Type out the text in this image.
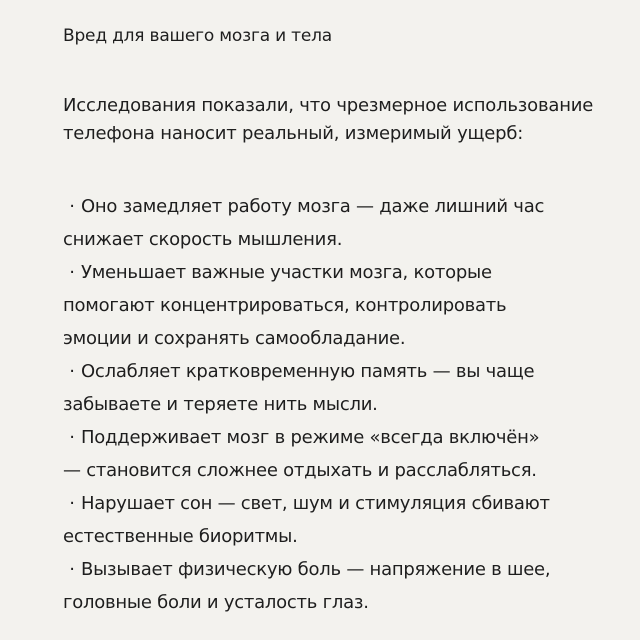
Вред для вашего мозга и тела

Исследования показали, что чрезмерное использование телефона наносит реальный, измеримый ущерб:

· Оно замедляет работу мозга — даже лишний час
снижает скорость мышления.
· Уменьшает важные участки мозга, которые
помогают концентрироваться, контролировать
эмоции и сохранять самообладание.
· Ослабляет кратковременную память — вы чаще
забываете и теряете нить мысли.
· Поддерживает мозг в режиме «всегда включён»
— становится сложнее отдыхать и расслабляться.
· Нарушает сон — свет, шум и стимуляция сбивают
естественные биоритмы.
· Вызывает физическую боль — напряжение в шее,
головные боли и усталость глаз.
